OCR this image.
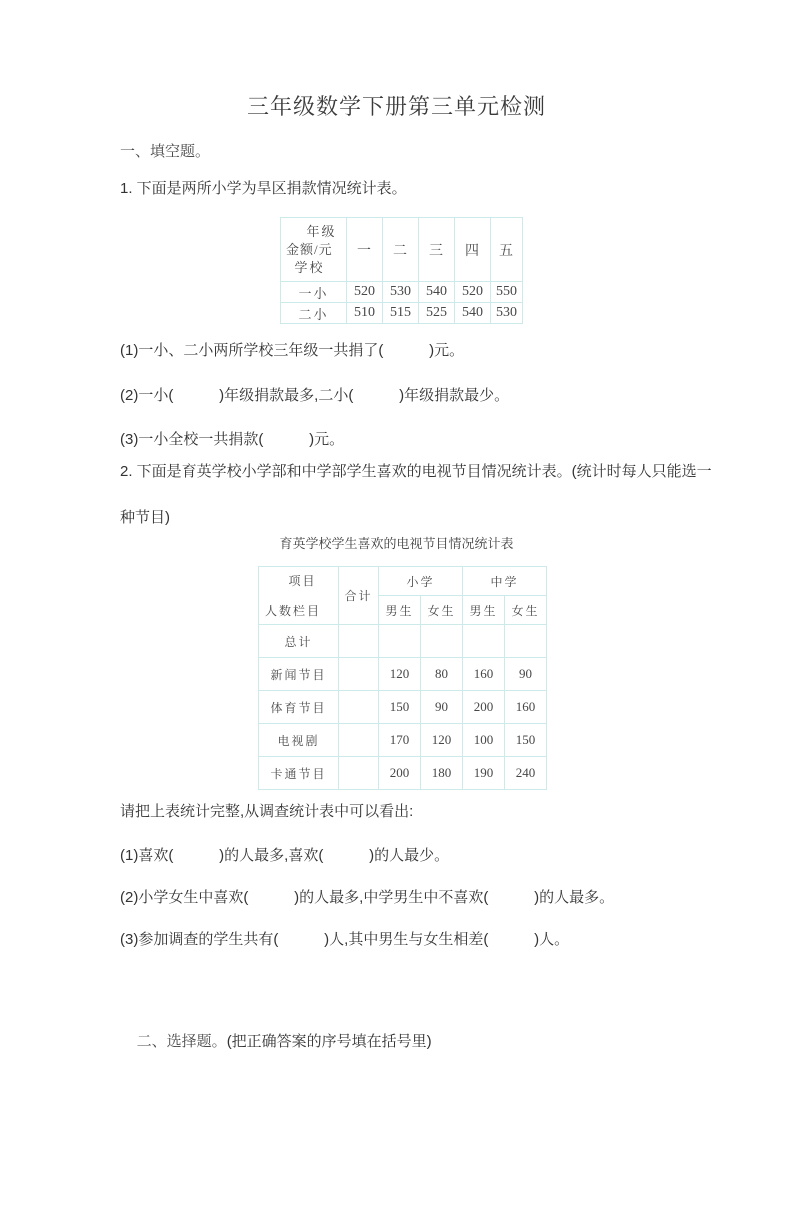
三年级数学下册第三单元检测
一、填空题。
1. 下面是两所小学为旱区捐款情况统计表。
年级
金额/元
学校	一	二	三	四	五
一小	520	530	540	520	550
二小	510	515	525	540	530
(1)一小、二小两所学校三年级一共捐了(           )元。
(2)一小(           )年级捐款最多,二小(           )年级捐款最少。
(3)一小全校一共捐款(           )元。
2. 下面是育英学校小学部和中学部学生喜欢的电视节目情况统计表。(统计时每人只能选一
种节目)
育英学校学生喜欢的电视节目情况统计表
项目
人数栏目	合计	小学		中学	
		男生	女生	男生	女生
总计					
新闻节目		120	80	160	90
体育节目		150	90	200	160
电视剧		170	120	100	150
卡通节目		200	180	190	240
请把上表统计完整,从调查统计表中可以看出:
(1)喜欢(           )的人最多,喜欢(           )的人最少。
(2)小学女生中喜欢(           )的人最多,中学男生中不喜欢(           )的人最多。
(3)参加调查的学生共有(           )人,其中男生与女生相差(           )人。

二、选择题。(把正确答案的序号填在括号里)
